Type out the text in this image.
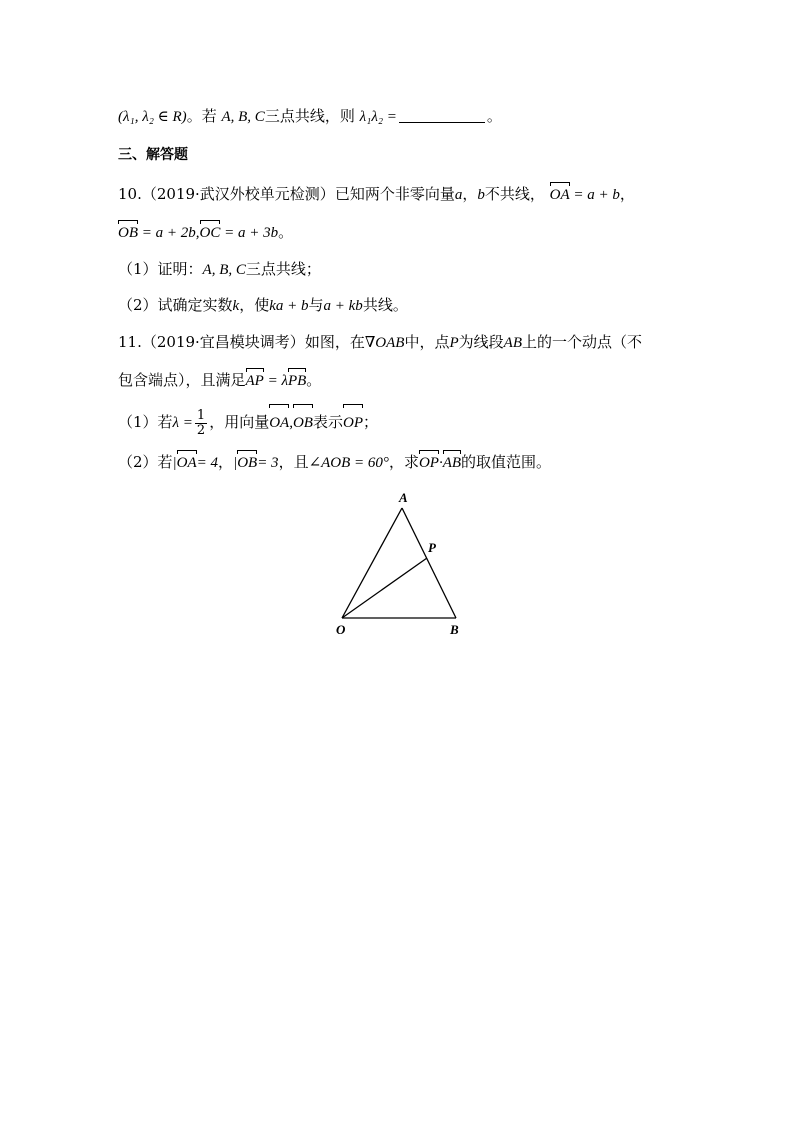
(λ₁, λ₂ ∈ R)。若 A, B, C三点共线，则 λ₁λ₂ =	。
三、解答题
10.（2019·武汉外校单元检测）已知两个非零向量a，b不共线， OA = a + b，
OB = a + 2b,OC = a + 3b。
（1）证明：A, B, C三点共线；
（2）试确定实数k，使ka + b与a + kb共线。
11.（2019·宜昌模块调考）如图，在∇OAB中，点P为线段AB上的一个动点（不
包含端点），且满足AP = λPB。
（1）若$\lambda = \frac{1}{2}$ ，用向量OA,OB表示OP；
（2）若|OA= 4，|OB= 3，且∠AOB = 60°，求OP·AB的取值范围。
A
P
O	B
